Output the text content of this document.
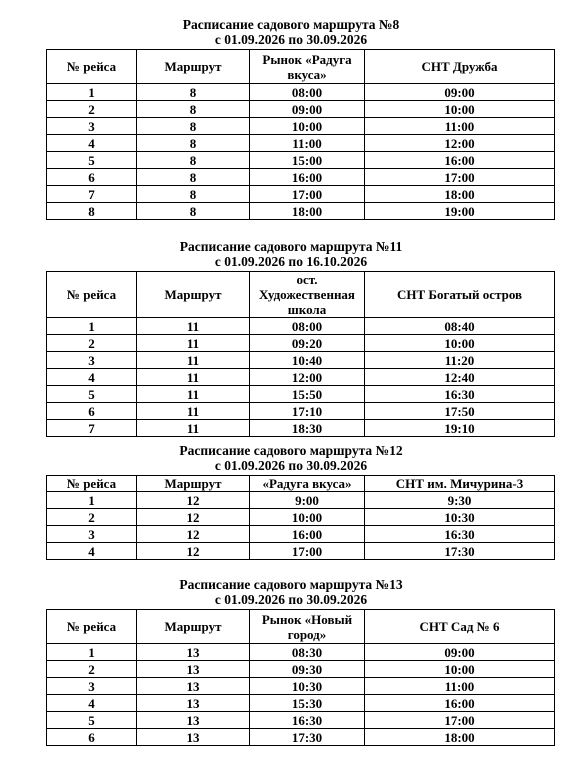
Расписание садового маршрута №8

с 01.09.2026 по 30.09.2026

№ рейса	Маршрут	Рынок «Радуга вкуса»	СНТ Дружба
1	8	08:00	09:00
2	8	09:00	10:00
3	8	10:00	11:00
4	8	11:00	12:00
5	8	15:00	16:00
6	8	16:00	17:00
7	8	17:00	18:00
8	8	18:00	19:00

Расписание садового маршрута №11

с 01.09.2026 по 16.10.2026

№ рейса	Маршрут	ост. Художественная школа	СНТ Богатый остров
1	11	08:00	08:40
2	11	09:20	10:00
3	11	10:40	11:20
4	11	12:00	12:40
5	11	15:50	16:30
6	11	17:10	17:50
7	11	18:30	19:10

Расписание садового маршрута №12

с 01.09.2026 по 30.09.2026

№ рейса	Маршрут	«Радуга вкуса»	СНТ им. Мичурина-3
1	12	9:00	9:30
2	12	10:00	10:30
3	12	16:00	16:30
4	12	17:00	17:30

Расписание садового маршрута №13

с 01.09.2026 по 30.09.2026

№ рейса	Маршрут	Рынок «Новый город»	СНТ Сад № 6
1	13	08:30	09:00
2	13	09:30	10:00
3	13	10:30	11:00
4	13	15:30	16:00
5	13	16:30	17:00
6	13	17:30	18:00
